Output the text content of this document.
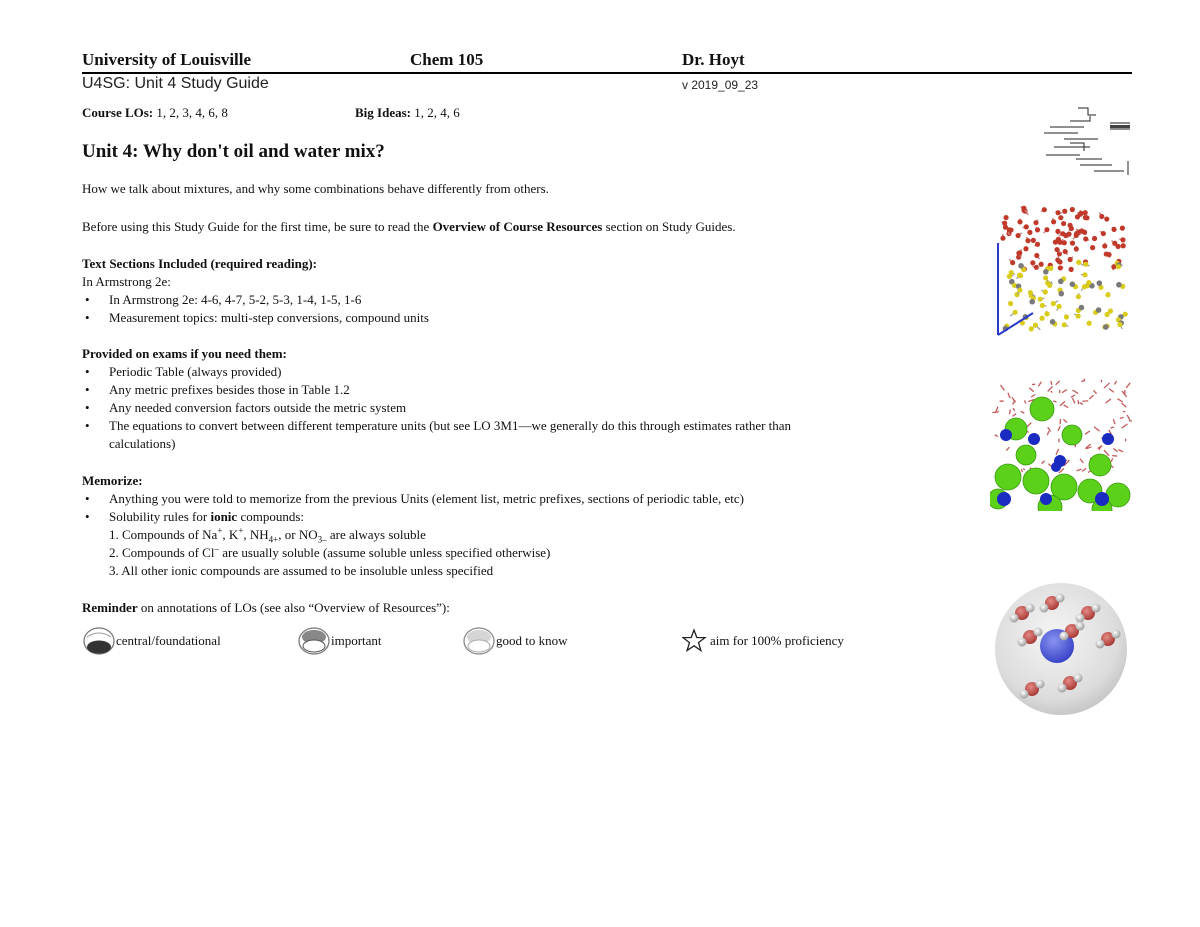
University of Louisville	Chem 105	Dr. Hoyt
U4SG: Unit 4 Study Guide	v 2019_09_23
Course LOs: 1, 2, 3, 4, 6, 8	Big Ideas: 1, 2, 4, 6
Unit 4: Why don't oil and water mix?
How we talk about mixtures, and why some combinations behave differently from others.
Before using this Study Guide for the first time, be sure to read the Overview of Course Resources section on Study Guides.
Text Sections Included (required reading):
In Armstrong 2e:
• In Armstrong 2e: 4-6, 4-7, 5-2, 5-3, 1-4, 1-5, 1-6
• Measurement topics: multi-step conversions, compound units
Provided on exams if you need them:
• Periodic Table (always provided)
• Any metric prefixes besides those in Table 1.2
• Any needed conversion factors outside the metric system
• The equations to convert between different temperature units (but see LO 3M1—we generally do this through estimates rather than
calculations)
Memorize:
• Anything you were told to memorize from the previous Units (element list, metric prefixes, sections of periodic table, etc)
• Solubility rules for ionic compounds:
1. Compounds of Na+, K+, $NH_{4+}$, or $NO_{3-}$ are always soluble
2. Compounds of Cl– are usually soluble (assume soluble unless specified otherwise)
3. All other ionic compounds are assumed to be insoluble unless specified
Reminder on annotations of LOs (see also “Overview of Resources”):
central/foundational	important	good to know	aim for 100% proficiency
